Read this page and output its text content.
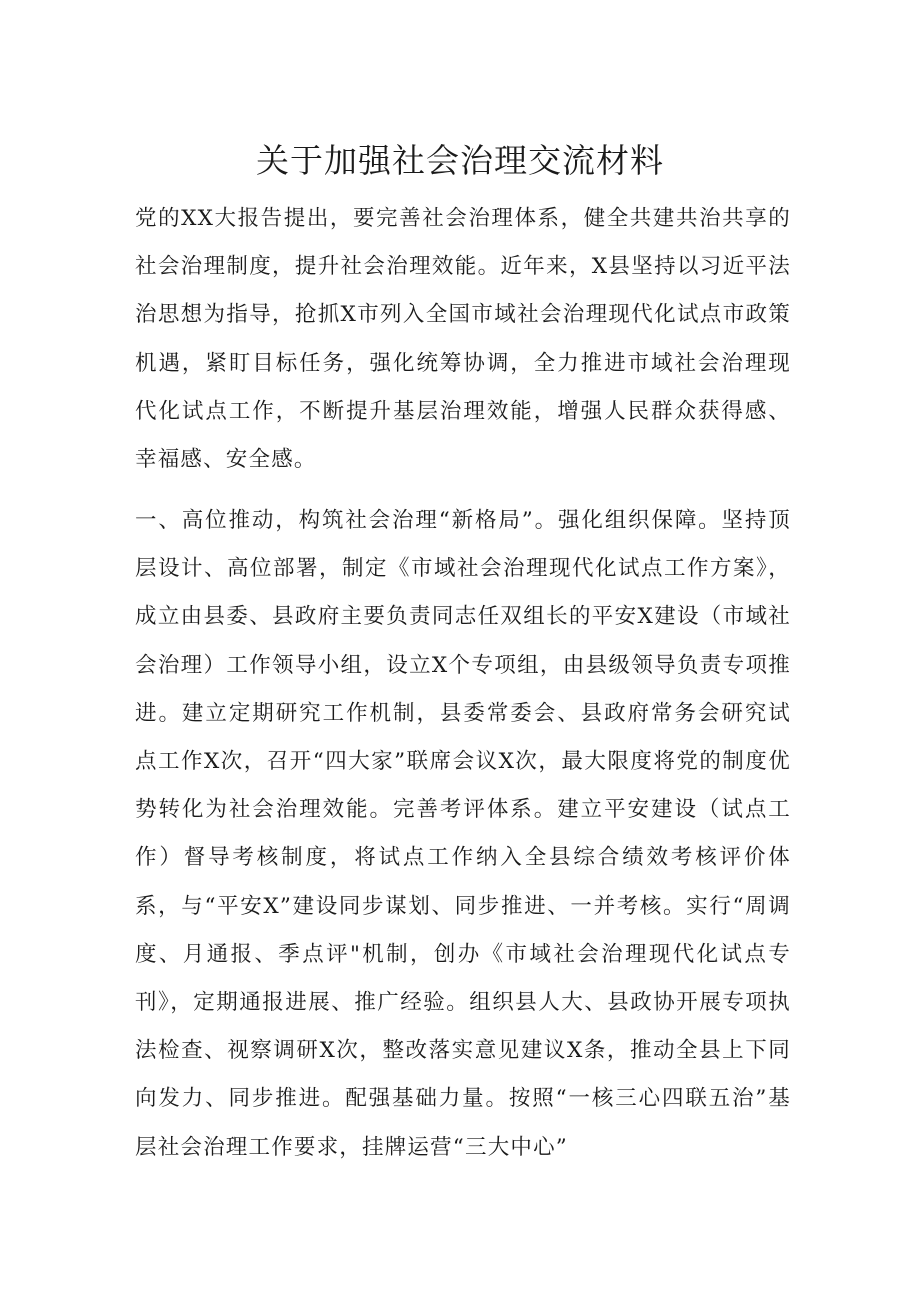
关于加强社会治理交流材料

党的XX大报告提出，要完善社会治理体系，健全共建共治共享的社会治理制度，提升社会治理效能。近年来，X县坚持以习近平法治思想为指导，抢抓X市列入全国市域社会治理现代化试点市政策机遇，紧盯目标任务，强化统筹协调，全力推进市域社会治理现代化试点工作，不断提升基层治理效能，增强人民群众获得感、幸福感、安全感。

一、高位推动，构筑社会治理“新格局”。强化组织保障。坚持顶层设计、高位部署，制定《市域社会治理现代化试点工作方案》，成立由县委、县政府主要负责同志任双组长的平安X建设（市域社会治理）工作领导小组，设立X个专项组，由县级领导负责专项推进。建立定期研究工作机制，县委常委会、县政府常务会研究试点工作X次，召开“四大家”联席会议X次，最大限度将党的制度优势转化为社会治理效能。完善考评体系。建立平安建设（试点工作）督导考核制度，将试点工作纳入全县综合绩效考核评价体系，与“平安X”建设同步谋划、同步推进、一并考核。实行“周调度、月通报、季点评"机制，创办《市域社会治理现代化试点专刊》，定期通报进展、推广经验。组织县人大、县政协开展专项执法检查、视察调研X次，整改落实意见建议X条，推动全县上下同向发力、同步推进。配强基础力量。按照“一核三心四联五治”基层社会治理工作要求，挂牌运营“三大中心”
